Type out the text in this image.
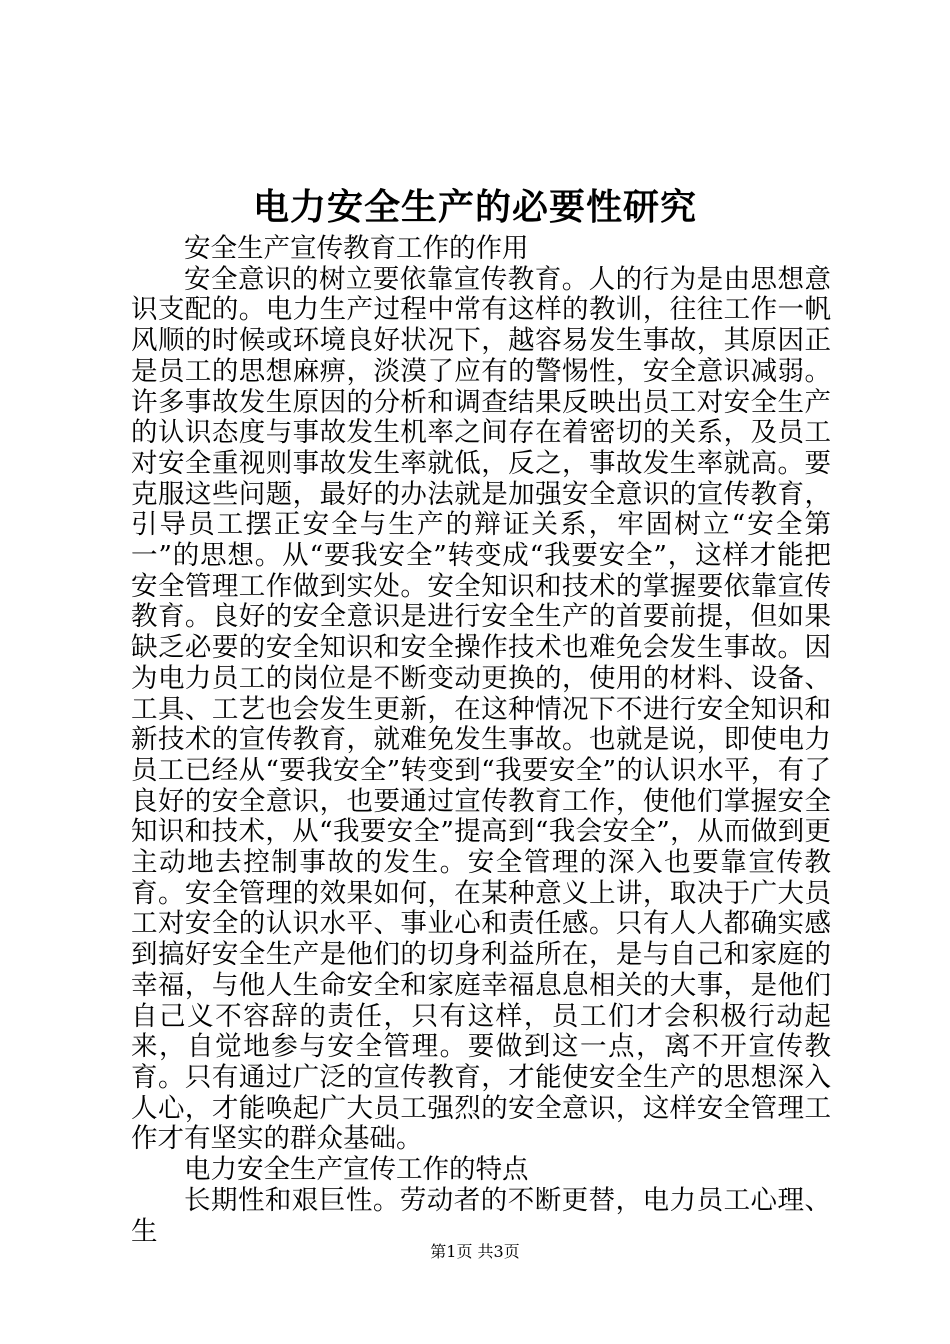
电力安全生产的必要性研究

安全生产宣传教育工作的作用

安全意识的树立要依靠宣传教育。人的行为是由思想意识支配的。电力生产过程中常有这样的教训，往往工作一帆风顺的时候或环境良好状况下，越容易发生事故，其原因正是员工的思想麻痹，淡漠了应有的警惕性，安全意识减弱。许多事故发生原因的分析和调查结果反映出员工对安全生产的认识态度与事故发生机率之间存在着密切的关系，及员工对安全重视则事故发生率就低，反之，事故发生率就高。要克服这些问题，最好的办法就是加强安全意识的宣传教育，引导员工摆正安全与生产的辩证关系，牢固树立“安全第一”的思想。从“要我安全”转变成“我要安全”，这样才能把安全管理工作做到实处。安全知识和技术的掌握要依靠宣传教育。良好的安全意识是进行安全生产的首要前提，但如果缺乏必要的安全知识和安全操作技术也难免会发生事故。因为电力员工的岗位是不断变动更换的，使用的材料、设备、工具、工艺也会发生更新，在这种情况下不进行安全知识和新技术的宣传教育，就难免发生事故。也就是说，即使电力员工已经从“要我安全”转变到“我要安全”的认识水平，有了良好的安全意识，也要通过宣传教育工作，使他们掌握安全知识和技术，从“我要安全”提高到“我会安全”，从而做到更主动地去控制事故的发生。安全管理的深入也要靠宣传教育。安全管理的效果如何，在某种意义上讲，取决于广大员工对安全的认识水平、事业心和责任感。只有人人都确实感到搞好安全生产是他们的切身利益所在，是与自己和家庭的幸福，与他人生命安全和家庭幸福息息相关的大事，是他们自己义不容辞的责任，只有这样，员工们才会积极行动起来，自觉地参与安全管理。要做到这一点，离不开宣传教育。只有通过广泛的宣传教育，才能使安全生产的思想深入人心，才能唤起广大员工强烈的安全意识，这样安全管理工作才有坚实的群众基础。

电力安全生产宣传工作的特点

长期性和艰巨性。劳动者的不断更替，电力员工心理、生

第1页 共3页
